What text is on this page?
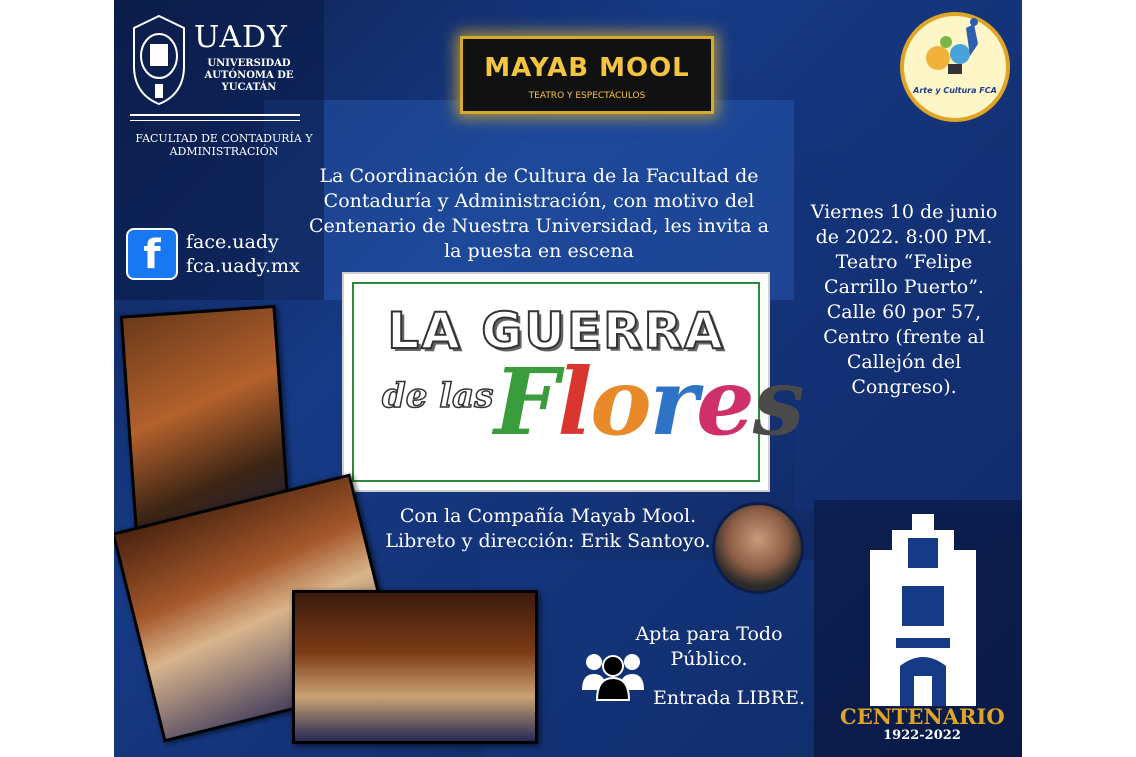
UADY
UNIVERSIDAD AUTÓNOMA DE YUCATÁN
FACULTAD DE CONTADURÍA Y ADMINISTRACIÓN
MAYAB MOOL
TEATRO Y ESPECTÁCULOS
Arte y Cultura FCA
La Coordinación de Cultura de la Facultad de Contaduría y Administración, con motivo del Centenario de Nuestra Universidad, les invita a la puesta en escena
f	face.uady
fca.uady.mx
LA GUERRA
de las Flores
Viernes 10 de junio de 2022. 8:00 PM. Teatro “Felipe Carrillo Puerto”. Calle 60 por 57, Centro (frente al Callejón del Congreso).
Con la Compañía Mayab Mool.
Libreto y dirección: Erik Santoyo.
Apta para Todo Público.
Entrada LIBRE.
CENTENARIO
1922-2022
